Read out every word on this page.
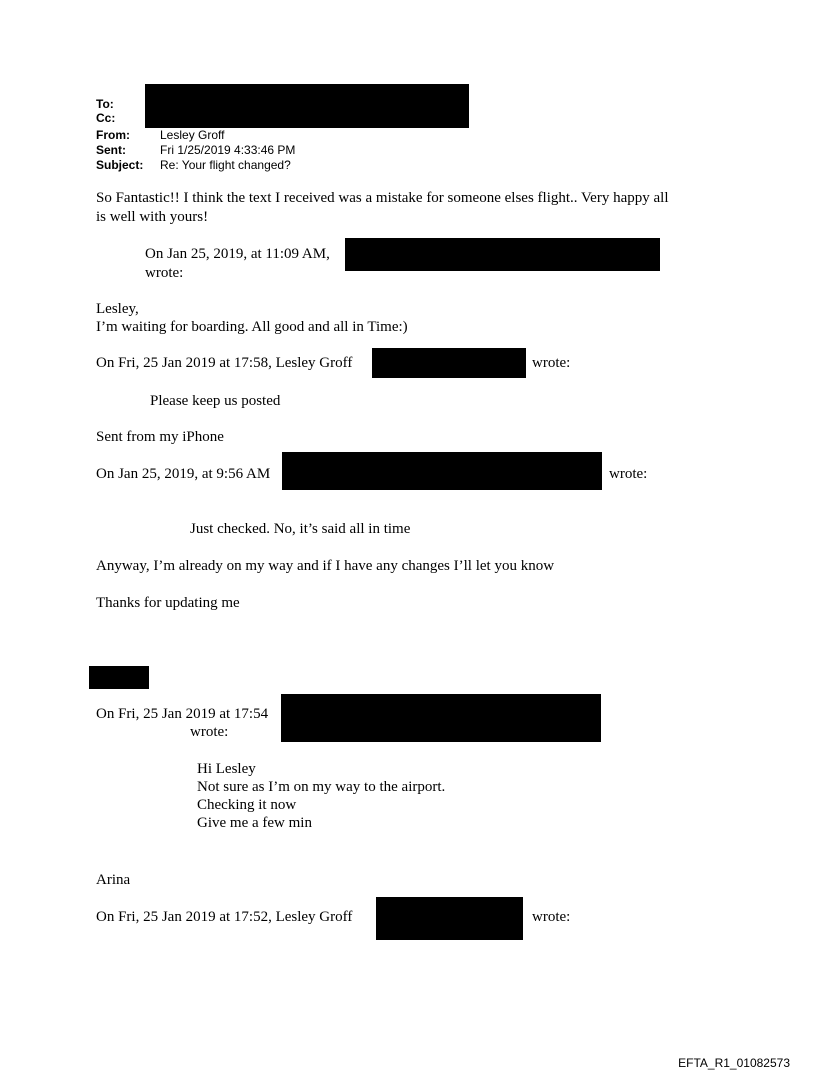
To:
Cc:
From:	Lesley Groff
Sent:	Fri 1/25/2019 4:33:46 PM
Subject: Re: Your flight changed?
So Fantastic!! I think the text I received was a mistake for someone elses flight.. Very happy all
is well with yours!
On Jan 25, 2019, at 11:09 AM,
wrote:
Lesley,
I’m waiting for boarding. All good and all in Time:)
On Fri, 25 Jan 2019 at 17:58, Lesley Groff	wrote:
Please keep us posted
Sent from my iPhone
On Jan 25, 2019, at 9:56 AM	wrote:
Just checked. No, it’s said all in time
Anyway, I’m already on my way and if I have any changes I’ll let you know
Thanks for updating me
On Fri, 25 Jan 2019 at 17:54
wrote:
Hi Lesley
Not sure as I’m on my way to the airport.
Checking it now
Give me a few min
Arina
On Fri, 25 Jan 2019 at 17:52, Lesley Groff	wrote:
EFTA_R1_01082573
